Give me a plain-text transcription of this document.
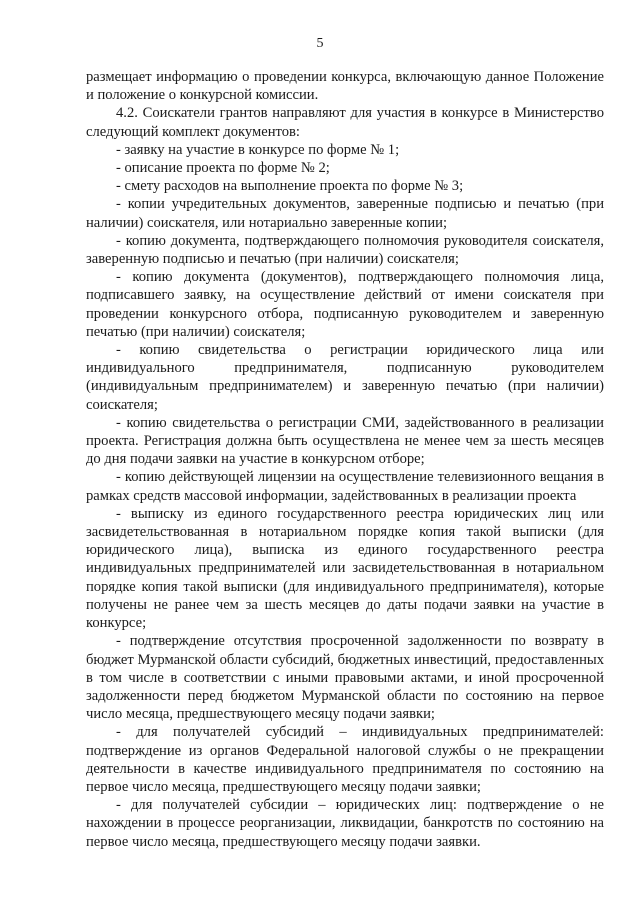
5

размещает информацию о проведении конкурса, включающую данное Положение и положение о конкурсной комиссии.

4.2. Соискатели грантов направляют для участия в конкурсе в Министерство следующий комплект документов:

- заявку на участие в конкурсе по форме № 1;

- описание проекта по форме № 2;

- смету расходов на выполнение проекта по форме № 3;

- копии учредительных документов, заверенные подписью и печатью (при наличии) соискателя, или нотариально заверенные копии;

- копию документа, подтверждающего полномочия руководителя соискателя, заверенную подписью и печатью (при наличии) соискателя;

- копию документа (документов), подтверждающего полномочия лица, подписавшего заявку, на осуществление действий от имени соискателя при проведении конкурсного отбора, подписанную руководителем и заверенную печатью (при наличии) соискателя;

- копию свидетельства о регистрации юридического лица или индивидуального предпринимателя, подписанную руководителем (индивидуальным предпринимателем) и заверенную печатью (при наличии) соискателя;

- копию свидетельства о регистрации СМИ, задействованного в реализации проекта. Регистрация должна быть осуществлена не менее чем за шесть месяцев до дня подачи заявки на участие в конкурсном отборе;

- копию действующей лицензии на осуществление телевизионного вещания в рамках средств массовой информации, задействованных в реализации проекта

- выписку из единого государственного реестра юридических лиц или засвидетельствованная в нотариальном порядке копия такой выписки (для юридического лица), выписка из единого государственного реестра индивидуальных предпринимателей или засвидетельствованная в нотариальном порядке копия такой выписки (для индивидуального предпринимателя), которые получены не ранее чем за шесть месяцев до даты подачи заявки на участие в конкурсе;

- подтверждение отсутствия просроченной задолженности по возврату в бюджет Мурманской области субсидий, бюджетных инвестиций, предоставленных в том числе в соответствии с иными правовыми актами, и иной просроченной задолженности перед бюджетом Мурманской области по состоянию на первое число месяца, предшествующего месяцу подачи заявки;

- для получателей субсидий – индивидуальных предпринимателей: подтверждение из органов Федеральной налоговой службы о не прекращении деятельности в качестве индивидуального предпринимателя по состоянию на первое число месяца, предшествующего месяцу подачи заявки;

- для получателей субсидии – юридических лиц: подтверждение о не нахождении в процессе реорганизации, ликвидации, банкротств по состоянию на первое число месяца, предшествующего месяцу подачи заявки.
